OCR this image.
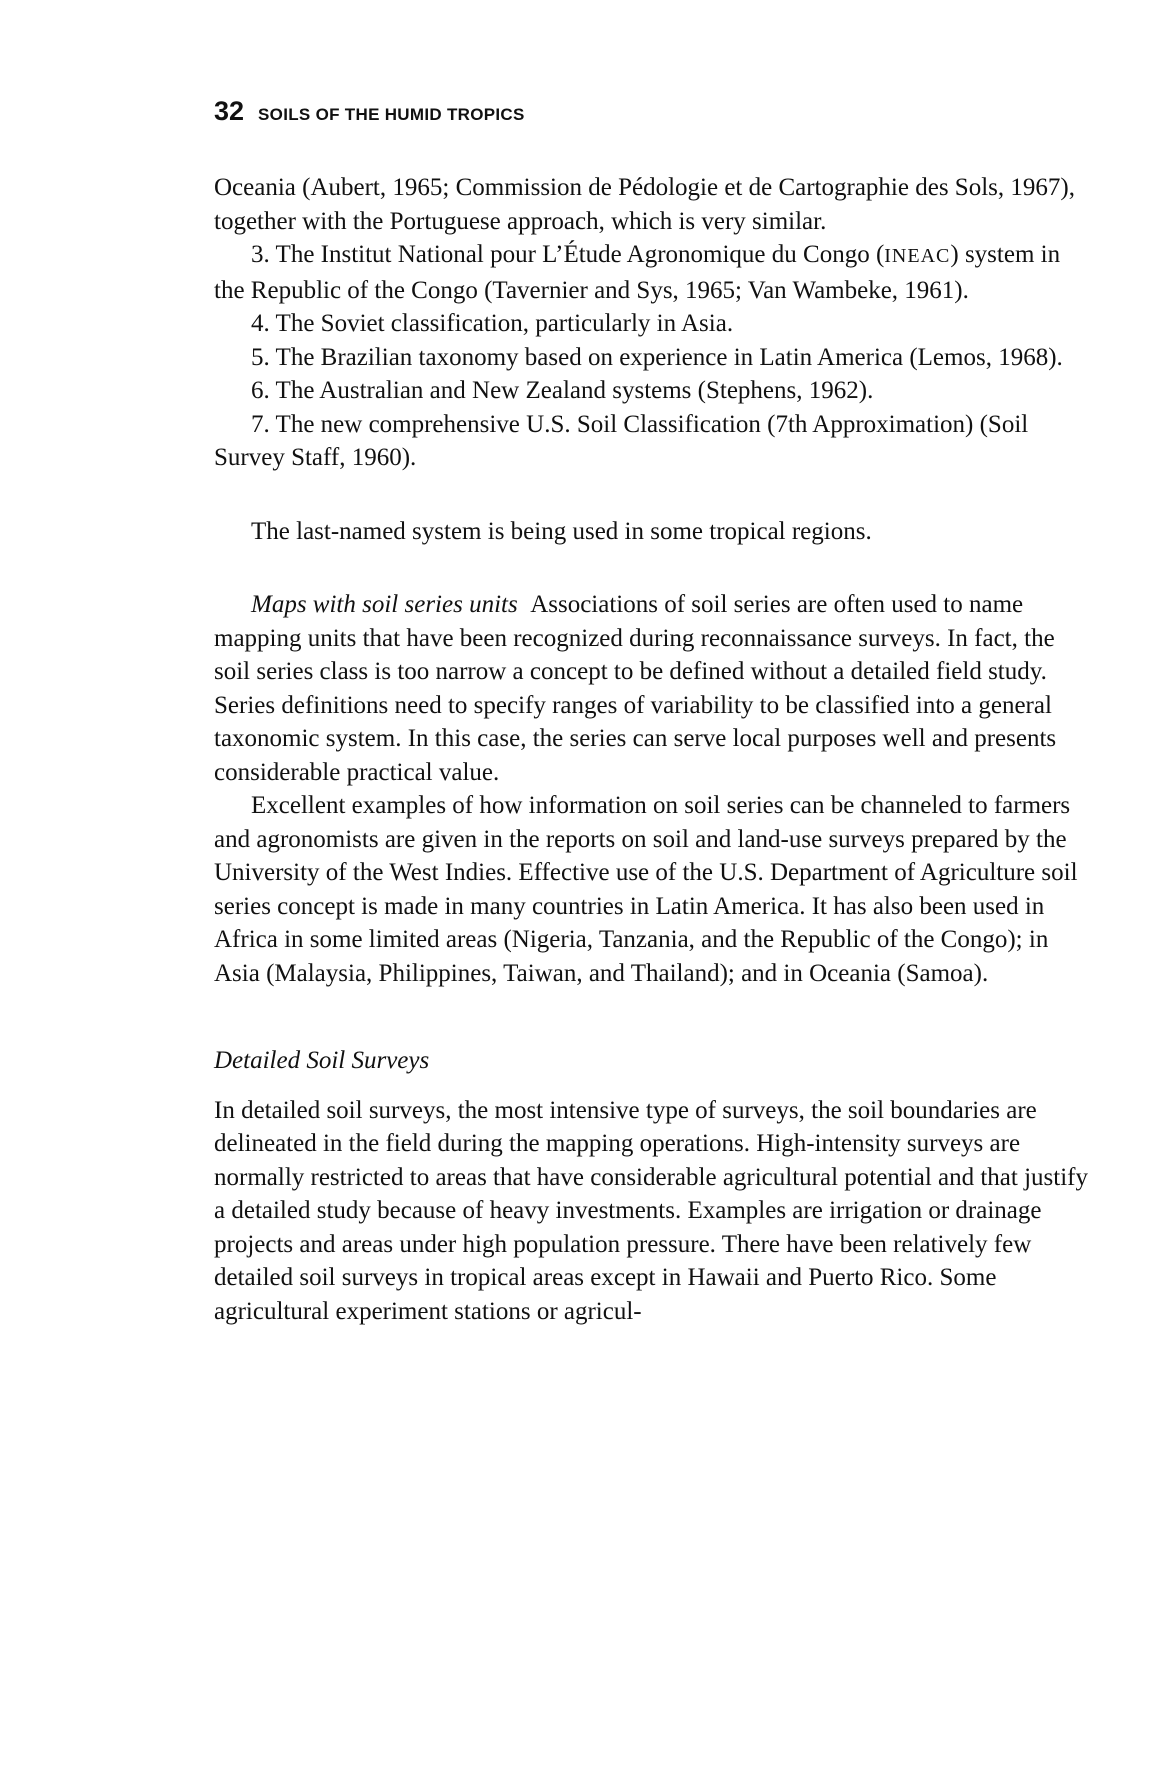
32 SOILS OF THE HUMID TROPICS

Oceania (Aubert, 1965; Commission de Pédologie et de Cartographie des Sols, 1967), together with the Portuguese approach, which is very similar.

3. The Institut National pour L’Étude Agronomique du Congo (INEAC) system in the Republic of the Congo (Tavernier and Sys, 1965; Van Wambeke, 1961).

4. The Soviet classification, particularly in Asia.

5. The Brazilian taxonomy based on experience in Latin America (Lemos, 1968).

6. The Australian and New Zealand systems (Stephens, 1962).

7. The new comprehensive U.S. Soil Classification (7th Approximation) (Soil Survey Staff, 1960).

The last-named system is being used in some tropical regions.

Maps with soil series units Associations of soil series are often used to name mapping units that have been recognized during reconnaissance surveys. In fact, the soil series class is too narrow a concept to be defined without a detailed field study. Series definitions need to specify ranges of variability to be classified into a general taxonomic system. In this case, the series can serve local purposes well and presents considerable practical value.

Excellent examples of how information on soil series can be channeled to farmers and agronomists are given in the reports on soil and land-use surveys prepared by the University of the West Indies. Effective use of the U.S. Department of Agriculture soil series concept is made in many countries in Latin America. It has also been used in Africa in some limited areas (Nigeria, Tanzania, and the Republic of the Congo); in Asia (Malaysia, Philippines, Taiwan, and Thailand); and in Oceania (Samoa).

Detailed Soil Surveys

In detailed soil surveys, the most intensive type of surveys, the soil boundaries are delineated in the field during the mapping operations. High-intensity surveys are normally restricted to areas that have considerable agricultural potential and that justify a detailed study because of heavy investments. Examples are irrigation or drainage projects and areas under high population pressure. There have been relatively few detailed soil surveys in tropical areas except in Hawaii and Puerto Rico. Some agricultural experiment stations or agricul-
